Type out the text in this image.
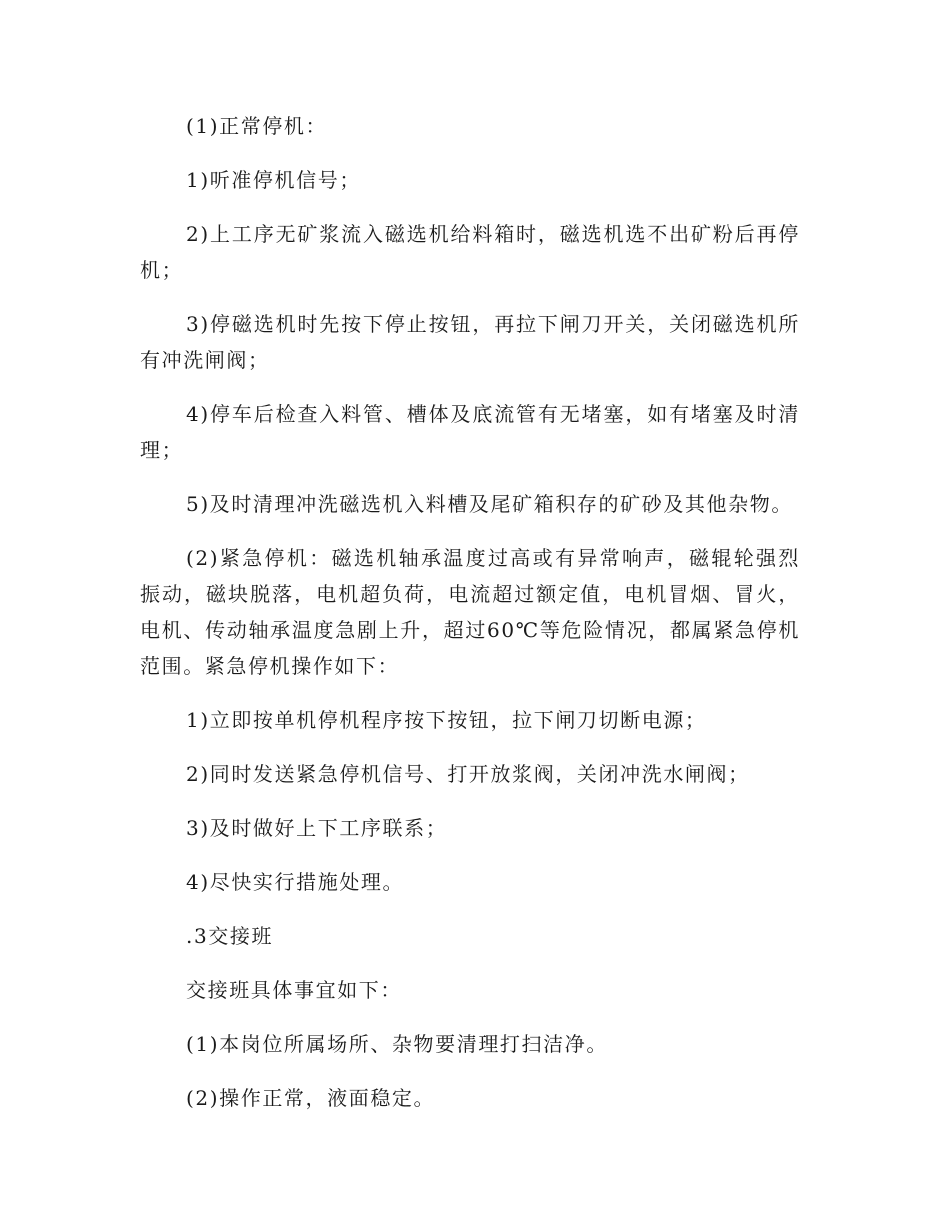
(1)正常停机：

1)听准停机信号；

2)上工序无矿浆流入磁选机给料箱时，磁选机选不出矿粉后再停机；

3)停磁选机时先按下停止按钮，再拉下闸刀开关，关闭磁选机所有冲洗闸阀；

4)停车后检查入料管、槽体及底流管有无堵塞，如有堵塞及时清理；

5)及时清理冲洗磁选机入料槽及尾矿箱积存的矿砂及其他杂物。

(2)紧急停机：磁选机轴承温度过高或有异常响声，磁辊轮强烈振动，磁块脱落，电机超负荷，电流超过额定值，电机冒烟、冒火，电机、传动轴承温度急剧上升，超过60℃等危险情况，都属紧急停机范围。紧急停机操作如下：

1)立即按单机停机程序按下按钮，拉下闸刀切断电源；

2)同时发送紧急停机信号、打开放浆阀，关闭冲洗水闸阀；

3)及时做好上下工序联系；

4)尽快实行措施处理。

.3交接班

交接班具体事宜如下：

(1)本岗位所属场所、杂物要清理打扫洁净。

(2)操作正常，液面稳定。
